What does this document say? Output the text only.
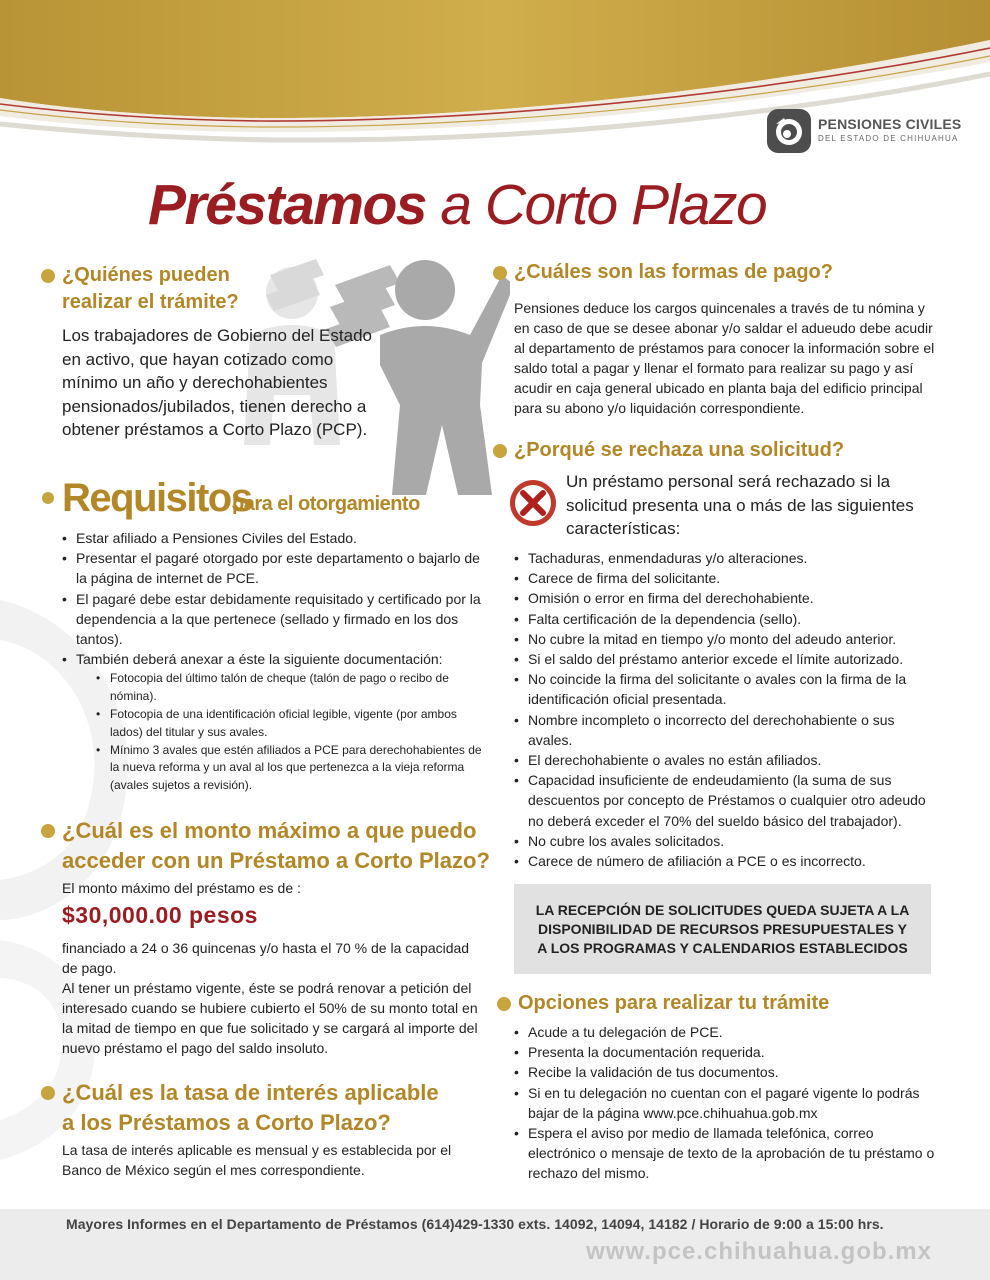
PENSIONES CIVILES
DEL ESTADO DE CHIHUAHUA
Préstamos a Corto Plazo
¿Quiénes pueden
realizar el trámite?
Los trabajadores de Gobierno del Estado
en activo, que hayan cotizado como
mínimo un año y derechohabientes
pensionados/jubilados, tienen derecho a
obtener préstamos a Corto Plazo (PCP).
Requisitos
para el otorgamiento
• Estar afiliado a Pensiones Civiles del Estado.
• Presentar el pagaré otorgado por este departamento o bajarlo de la página de internet de PCE.
• El pagaré debe estar debidamente requisitado y certificado por la dependencia a la que pertenece (sellado y firmado en los dos tantos).
• También deberá anexar a éste la siguiente documentación:
• Fotocopia del último talón de cheque (talón de pago o recibo de nómina).
• Fotocopia de una identificación oficial legible, vigente (por ambos lados) del titular y sus avales.
• Mínimo 3 avales que estén afiliados a PCE para derechohabientes de la nueva reforma y un aval al los que pertenezca a la vieja reforma (avales sujetos a revisión).
¿Cuál es el monto máximo a que puedo
acceder con un Préstamo a Corto Plazo?
El monto máximo del préstamo es de :
$30,000.00 pesos
financiado a 24 o 36 quincenas y/o hasta el 70 % de la capacidad de pago.
Al tener un préstamo vigente, éste se podrá renovar a petición del interesado cuando se hubiere cubierto el 50% de su monto total en la mitad de tiempo en que fue solicitado y se cargará al importe del nuevo préstamo el pago del saldo insoluto.
¿Cuál es la tasa de interés aplicable
a los Préstamos a Corto Plazo?
La tasa de interés aplicable es mensual y es establecida por el Banco de México según el mes correspondiente.
¿Cuáles son las formas de pago?
Pensiones deduce los cargos quincenales a través de tu nómina y en caso de que se desee abonar y/o saldar el adueudo debe acudir al departamento de préstamos para conocer la información sobre el saldo total a pagar y llenar el formato para realizar su pago y así acudir en caja general ubicado en planta baja del edificio principal para su abono y/o liquidación correspondiente.
¿Porqué se rechaza una solicitud?
Un préstamo personal será rechazado si la solicitud presenta una o más de las siguientes características:
• Tachaduras, enmendaduras y/o alteraciones.
• Carece de firma del solicitante.
• Omisión o error en firma del derechohabiente.
• Falta certificación de la dependencia (sello).
• No cubre la mitad en tiempo y/o monto del adeudo anterior.
• Si el saldo del préstamo anterior excede el límite autorizado.
• No coincide la firma del solicitante o avales con la firma de la identificación oficial presentada.
• Nombre incompleto o incorrecto del derechohabiente o sus avales.
• El derechohabiente o avales no están afiliados.
• Capacidad insuficiente de endeudamiento (la suma de sus descuentos por concepto de Préstamos o cualquier otro adeudo no deberá exceder el 70% del sueldo básico del trabajador).
• No cubre los avales solicitados.
• Carece de número de afiliación a PCE o es incorrecto.
LA RECEPCIÓN DE SOLICITUDES QUEDA SUJETA A LA DISPONIBILIDAD DE RECURSOS PRESUPUESTALES Y A LOS PROGRAMAS Y CALENDARIOS ESTABLECIDOS
Opciones para realizar tu trámite
• Acude a tu delegación de PCE.
• Presenta la documentación requerida.
• Recibe la validación de tus documentos.
• Si en tu delegación no cuentan con el pagaré vigente lo podrás bajar de la página www.pce.chihuahua.gob.mx
• Espera el aviso por medio de llamada telefónica, correo electrónico o mensaje de texto de la aprobación de tu préstamo o rechazo del mismo.
Mayores Informes en el Departamento de Préstamos (614)429-1330 exts. 14092, 14094, 14182 / Horario de 9:00 a 15:00 hrs.
www.pce.chihuahua.gob.mx
